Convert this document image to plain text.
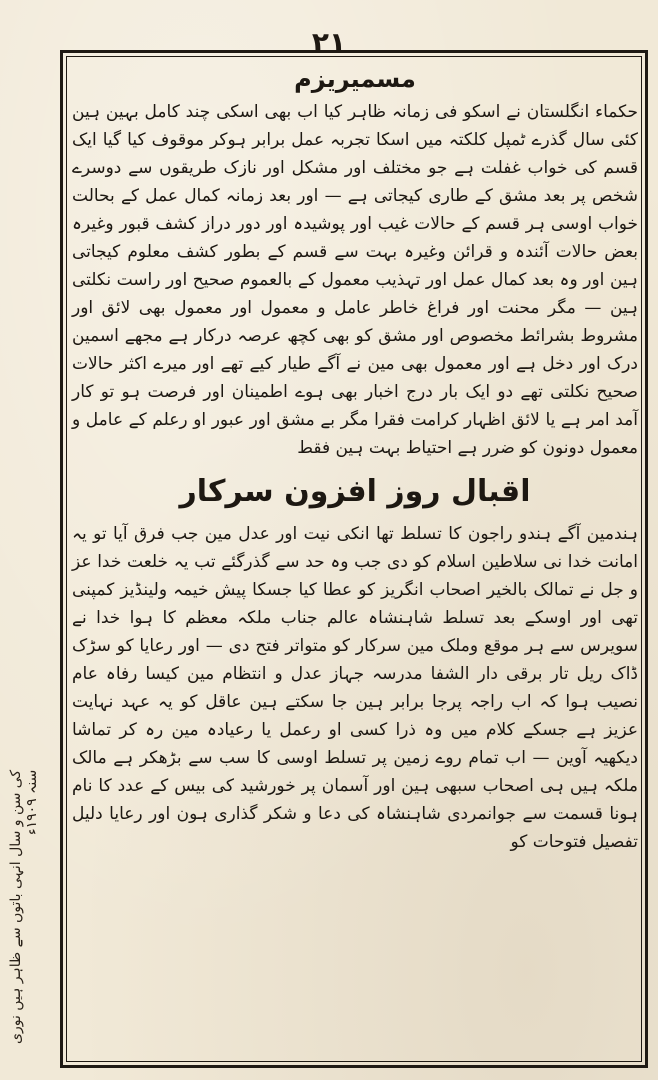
۲۱
مسمیریزم

حکماء انگلستان نے اسکو فی زمانہ ظاہر کیا اب بھی اسکی چند کامل بہین ہین کئی سال گذرے ٹمپل کلکتہ میں اسکا تجربہ عمل برابر ہوکر موقوف کیا گیا ایک قسم کی خواب غفلت ہے جو مختلف اور مشکل اور نازک طریقوں سے دوسرے شخص پر بعد مشق کے طاری کیجاتی ہے — اور بعد زمانہ کمال عمل کے بحالت خواب اوسی ہر قسم کے حالات غیب اور پوشیدہ اور دور دراز کشف قبور وغیرہ بعض حالات آئندہ و قرائن وغیرہ بہت سے قسم کے بطور کشف معلوم کیجاتی ہین اور وہ بعد کمال عمل اور تہذیب معمول کے بالعموم صحیح اور راست نکلتی ہین — مگر محنت اور فراغ خاطر عامل و معمول اور معمول بھی لائق اور مشروط بشرائط مخصوص اور مشق کو بھی کچھ عرصہ درکار ہے مجھے اسمین درک اور دخل ہے اور معمول بھی مین نے آگے طیار کیے تھے اور میرے اکثر حالات صحیح نکلتی تھے دو ایک بار درج اخبار بھی ہوے اطمینان اور فرصت ہو تو کار آمد امر ہے یا لائق اظہار کرامت فقرا مگر بے مشق اور عبور او رعلم کے عامل و معمول دونون کو ضرر ہے احتیاط بہت ہین فقط

اقبال روز افزون سرکار

ہندمین آگے ہندو راجون کا تسلط تھا انکی نیت اور عدل مین جب فرق آیا تو یہ امانت خدا نی سلاطین اسلام کو دی جب وہ حد سے گذرگئے تب یہ خلعت خدا عز و جل نے تمالک بالخیر اصحاب انگریز کو عطا کیا جسکا پیش خیمہ ولینڈیز کمپنی تھی اور اوسکے بعد تسلط شاہنشاہ عالم جناب ملکہ معظم کا ہوا خدا نے سویرس سے ہر موقع وملک مین سرکار کو متواتر فتح دی — اور رعایا کو سڑک ڈاک ریل تار برقی دار الشفا مدرسہ جہاز عدل و انتظام مین کیسا رفاہ عام نصیب ہوا کہ اب راجہ پرجا برابر ہین جا سکتے ہین عاقل کو یہ عہد نہایت عزیز ہے جسکے کلام میں وہ ذرا کسی او رعمل یا رعیادہ مین رہ کر تماشا دیکھیہ آوین — اب تمام روے زمین پر تسلط اوسی کا سب سے بڑھکر ہے مالک ملکہ ہیں ہی اصحاب سبھی ہین اور آسمان پر خورشید کی بیس کے عدد کا نام ہونا قسمت سے جوانمردی شاہنشاہ کی دعا و شکر گذاری ہون اور رعایا دلیل تفصیل فتوحات کو

کی سن و سال انہی باتوں سے ظاہر ہیں نوری سنہ ۱۹۰۹ء
